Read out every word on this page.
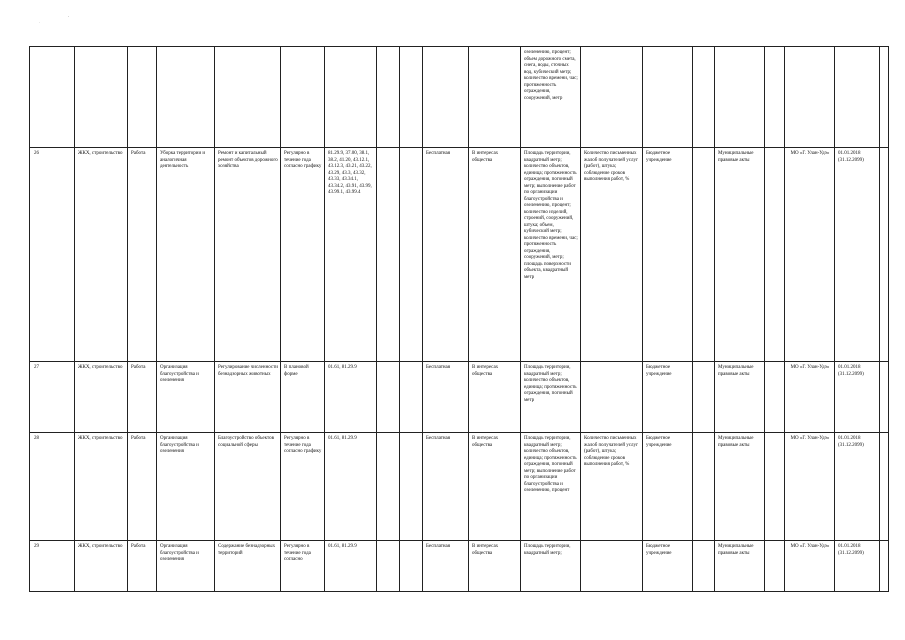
.
'
											озеленению, процент; объем дорожного смета, снега, воды, сточных вод, кубический метр; количество времени, час; протяженность ограждения, сооружений, метр								
26	ЖКХ, строительство	Работа	Уборка территории и аналогичная деятельность	Ремонт и капитальный ремонт объектов дорожного хозяйства	Регулярно в течение года согласно графику	81.29.9, 37.00, 38.1, 38.2, 41.20, 43.12.1, 43.12.3, 43.21, 43.22, 43.29, 43.3, 43.32, 43.33, 43.34.1, 43.34.2, 43.91, 43.99, 43.99.1, 43.99.4			Бесплатная	В интересах общества	Площадь территории, квадратный метр; количество объектов, единица; протяженность ограждения, погонный метр; выполнение работ по организации благоустройства и озеленению, процент; количество изделий, строений, сооружений, штука; объем, кубический метр; количество времени, час; протяженность ограждения, сооружений, метр; площадь поверхности объекта, квадратный метр	Количество письменных жалоб получателей услуг (работ), штука; соблюдение сроков выполнения работ, %	Бюджетное учреждение		Муниципальные правовые акты		МО «Г. Улан-Удэ»	01.01.2018 (31.12.2099)	
27	ЖКХ, строительство	Работа	Организация благоустройства и озеленения	Регулирование численности безнадзорных животных	В плановой форме	01.61, 81.29.9			Бесплатная	В интересах общества	Площадь территории, квадратный метр; количество объектов, единица; протяженность ограждения, погонный метр		Бюджетное учреждение		Муниципальные правовые акты		МО «Г. Улан-Удэ»	01.01.2018 (31.12.2099)	
28	ЖКХ, строительство	Работа	Организация благоустройства и озеленения	Благоустройство объектов социальной сферы	Регулярно в течение года согласно графику	01.61, 81.29.9			Бесплатная	В интересах общества	Площадь территории, квадратный метр; количество объектов, единица; протяженность ограждения, погонный метр; выполнение работ по организации благоустройства и озеленению, процент	Количество письменных жалоб получателей услуг (работ), штука; соблюдение сроков выполнения работ, %	Бюджетное учреждение		Муниципальные правовые акты		МО «Г. Улан-Удэ»	01.01.2018 (31.12.2099)	
29	ЖКХ, строительство	Работа	Организация благоустройства и озеленения	Содержание безнадзорных территорий	Регулярно в течение года согласно	01.61, 81.29.9			Бесплатная	В интересах общества	Площадь территории, квадратный метр;		Бюджетное учреждение		Муниципальные правовые акты		МО «Г. Улан-Удэ»	01.01.2018 (31.12.2099)	
